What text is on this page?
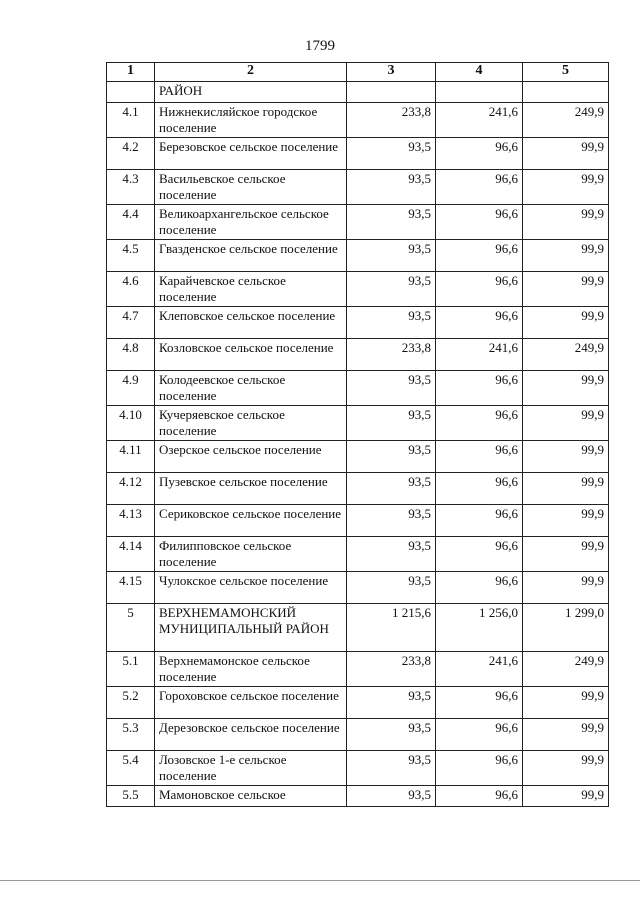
1799
1	2	3	4	5
	РАЙОН			
4.1	Нижнекисляйское городское поселение	233,8	241,6	249,9
4.2	Березовское сельское поселение	93,5	96,6	99,9
4.3	Васильевское сельское поселение	93,5	96,6	99,9
4.4	Великоархангельское сельское поселение	93,5	96,6	99,9
4.5	Гвазденское сельское поселение	93,5	96,6	99,9
4.6	Карайчевское сельское поселение	93,5	96,6	99,9
4.7	Клеповское сельское поселение	93,5	96,6	99,9
4.8	Козловское сельское поселение	233,8	241,6	249,9
4.9	Колодеевское сельское поселение	93,5	96,6	99,9
4.10	Кучеряевское сельское поселение	93,5	96,6	99,9
4.11	Озерское сельское поселение	93,5	96,6	99,9
4.12	Пузевское сельское поселение	93,5	96,6	99,9
4.13	Сериковское сельское поселение	93,5	96,6	99,9
4.14	Филипповское сельское поселение	93,5	96,6	99,9
4.15	Чулокское сельское поселение	93,5	96,6	99,9
5	ВЕРХНЕМАМОНСКИЙ МУНИЦИПАЛЬНЫЙ РАЙОН	1 215,6	1 256,0	1 299,0
5.1	Верхнемамонское сельское поселение	233,8	241,6	249,9
5.2	Гороховское сельское поселение	93,5	96,6	99,9
5.3	Дерезовское сельское поселение	93,5	96,6	99,9
5.4	Лозовское 1-е сельское поселение	93,5	96,6	99,9
5.5	Мамоновское сельское	93,5	96,6	99,9
